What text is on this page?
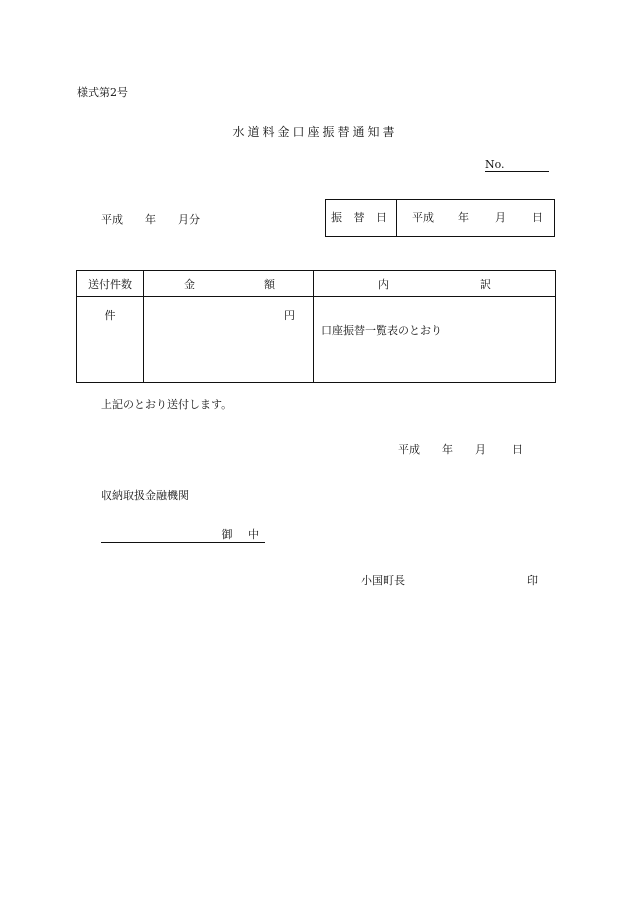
様式第2号
水道料金口座振替通知書
No.
平成 年 月分	振 替 日	平成 年 月 日
送付件数	金 額	内 訳

件	円	口座振替一覧表のとおり
上記のとおり送付します。
平成 年 月 日
収納取扱金融機関
御 中
小国町長	印
